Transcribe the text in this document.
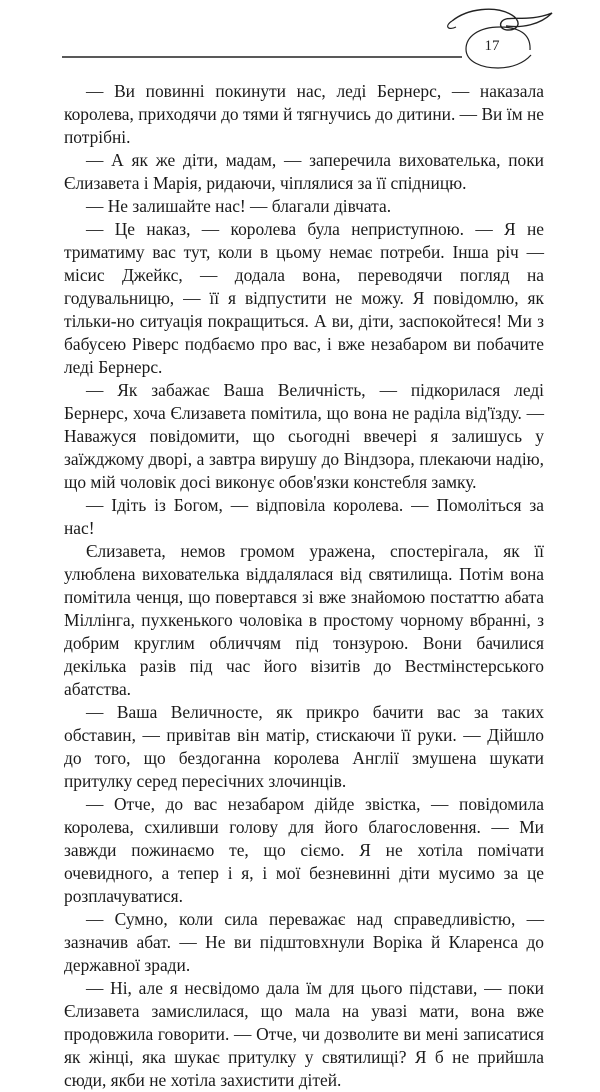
17

— Ви повинні покинути нас, леді Бернерс, — наказала королева, приходячи до тями й тягнучись до дитини. — Ви їм не потрібні.

— А як же діти, мадам, — заперечила вихователька, поки Єлизавета і Марія, ридаючи, чіплялися за її спідницю.

— Не залишайте нас! — благали дівчата.

— Це наказ, — королева була неприступною. — Я не триматиму вас тут, коли в цьому немає потреби. Інша річ — місис Джейкс, — додала вона, переводячи погляд на годувальницю, — її я відпустити не можу. Я повідомлю, як тільки-но ситуація покращиться. А ви, діти, заспокойтеся! Ми з бабусею Ріверс подбаємо про вас, і вже незабаром ви побачите леді Бернерс.

— Як забажає Ваша Величність, — підкорилася леді Бернерс, хоча Єлизавета помітила, що вона не раділа від'їзду. — Наважуся повідомити, що сьогодні ввечері я залишусь у заїжджому дворі, а завтра вирушу до Віндзора, плекаючи надію, що мій чоловік досі виконує обов'язки констебля замку.

— Ідіть із Богом, — відповіла королева. — Помоліться за нас!

Єлизавета, немов громом уражена, спостерігала, як її улюблена вихователька віддалялася від святилища. Потім вона помітила ченця, що повертався зі вже знайомою постаттю абата Міллінга, пухкенького чоловіка в простому чорному вбранні, з добрим круглим обличчям під тонзурою. Вони бачилися декілька разів під час його візитів до Вестмінстерського абатства.

— Ваша Величносте, як прикро бачити вас за таких обставин, — привітав він матір, стискаючи її руки. — Дійшло до того, що бездоганна королева Англії змушена шукати притулку серед пересічних злочинців.

— Отче, до вас незабаром дійде звістка, — повідомила королева, схиливши голову для його благословення. — Ми завжди пожинаємо те, що сіємо. Я не хотіла помічати очевидного, а тепер і я, і мої безневинні діти мусимо за це розплачуватися.

— Сумно, коли сила переважає над справедливістю, — зазначив абат. — Не ви підштовхнули Воріка й Кларенса до державної зради.

— Ні, але я несвідомо дала їм для цього підстави, — поки Єлизавета замислилася, що мала на увазі мати, вона вже продовжила говорити. — Отче, чи дозволите ви мені записатися як жінці, яка шукає притулку у святилищі? Я б не прийшла сюди, якби не хотіла захистити дітей.
